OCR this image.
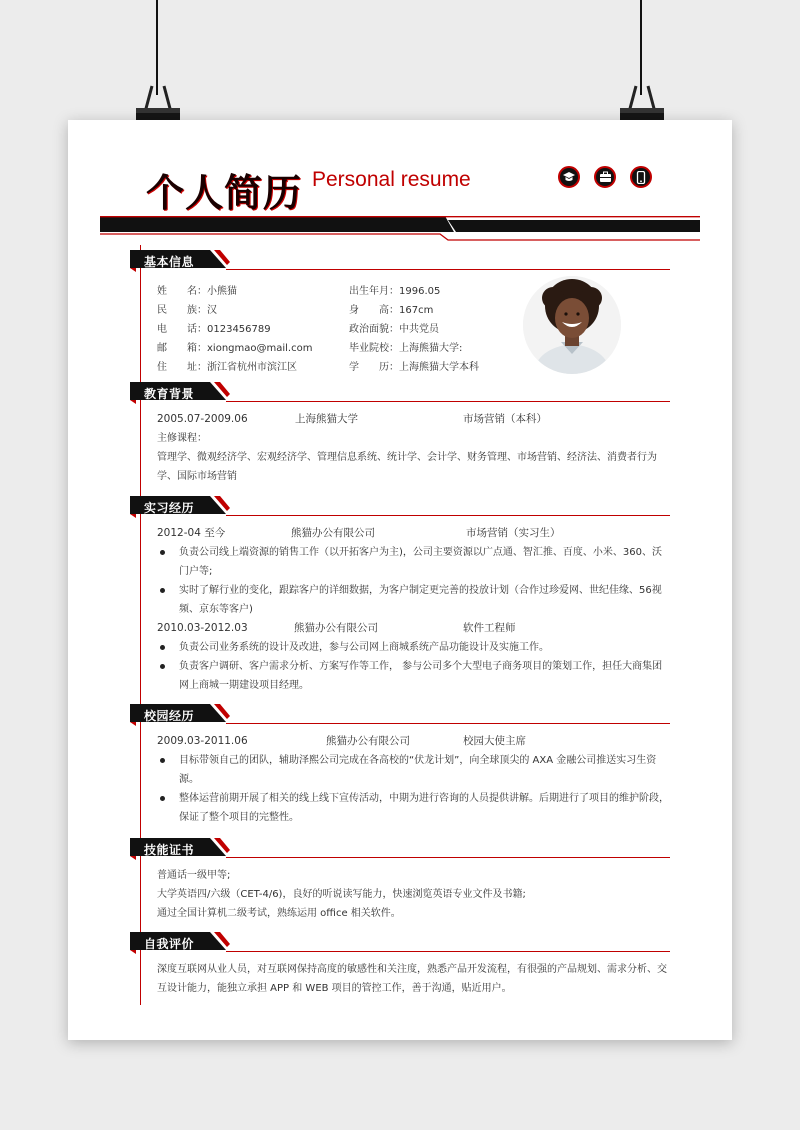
个人简历 Personal resume
基本信息
姓　　名：小熊猫
民　　族：汉
电　　话：0123456789
邮　　箱：xiongmao@mail.com
住　　址：浙江省杭州市滨江区
出生年月：1996.05
身　　高：167cm
政治面貌：中共党员
毕业院校：上海熊猫大学:
学　　历：上海熊猫大学本科
教育背景
2005.07-2009.06	上海熊猫大学	市场营销（本科）
主修课程：
管理学、微观经济学、宏观经济学、管理信息系统、统计学、会计学、财务管理、市场营销、经济法、消费者行为学、国际市场营销
实习经历
2012-04 至今	熊猫办公有限公司	市场营销（实习生）
负责公司线上端资源的销售工作（以开拓客户为主)，公司主要资源以广点通、智汇推、百度、小米、360、沃门户等;
实时了解行业的变化，跟踪客户的详细数据，为客户制定更完善的投放计划（合作过珍爱网、世纪佳缘、56视频、京东等客户)
2010.03-2012.03	熊猫办公有限公司	软件工程师
负责公司业务系统的设计及改进，参与公司网上商城系统产品功能设计及实施工作。
负责客户调研、客户需求分析、方案写作等工作， 参与公司多个大型电子商务项目的策划工作，担任大商集团网上商城一期建设项目经理。
校园经历
2009.03-2011.06	熊猫办公有限公司	校园大使主席
目标带领自己的团队，辅助泽熙公司完成在各高校的“伏龙计划”，向全球顶尖的 AXA 金融公司推送实习生资源。
整体运营前期开展了相关的线上线下宣传活动，中期为进行咨询的人员提供讲解。后期进行了项目的维护阶段，保证了整个项目的完整性。
技能证书
普通话一级甲等;
大学英语四/六级（CET-4/6)，良好的听说读写能力，快速浏览英语专业文件及书籍;
通过全国计算机二级考试，熟练运用 office 相关软件。
自我评价
深度互联网从业人员，对互联网保持高度的敏感性和关注度，熟悉产品开发流程，有很强的产品规划、需求分析、交互设计能力，能独立承担 APP 和 WEB 项目的管控工作，善于沟通，贴近用户。
